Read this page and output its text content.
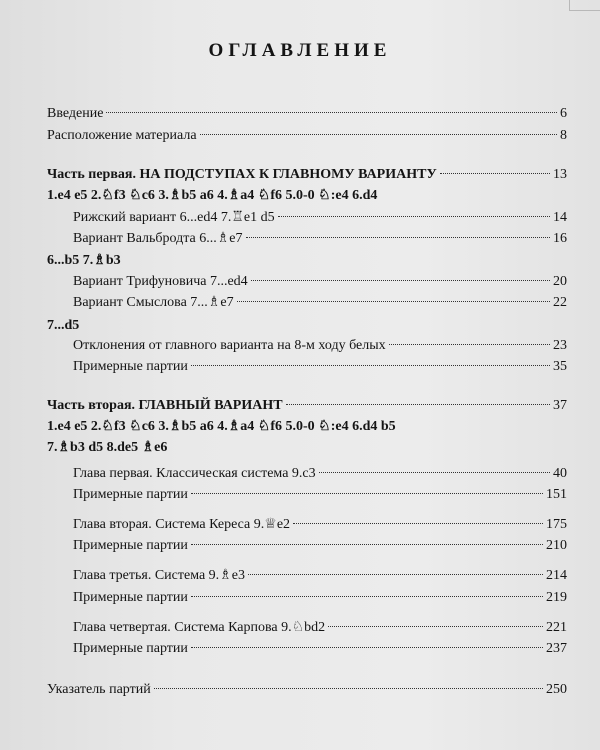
ОГЛАВЛЕНИЕ
Введение	6
Расположение материала	8
Часть первая. НА ПОДСТУПАХ К ГЛАВНОМУ ВАРИАНТУ	13
1.e4 e5 2.♘f3 ♘c6 3.♗b5 a6 4.♗a4 ♘f6 5.0-0 ♘:e4 6.d4
Рижский вариант 6...ed4 7.♖e1 d5	14
Вариант Вальбродта 6...♗e7	16
6...b5 7.♗b3
Вариант Трифуновича 7...ed4	20
Вариант Смыслова 7...♗e7	22
7...d5
Отклонения от главного варианта на 8-м ходу белых	23
Примерные партии	35
Часть вторая. ГЛАВНЫЙ ВАРИАНТ	37
1.e4 e5 2.♘f3 ♘c6 3.♗b5 a6 4.♗a4 ♘f6 5.0-0 ♘:e4 6.d4 b5
7.♗b3 d5 8.de5 ♗e6
Глава первая. Классическая система 9.c3	40
Примерные партии	151
Глава вторая. Система Кереса 9.♕e2	175
Примерные партии	210
Глава третья. Система 9.♗e3	214
Примерные партии	219
Глава четвертая. Система Карпова 9.♘bd2	221
Примерные партии	237
Указатель партий	250
